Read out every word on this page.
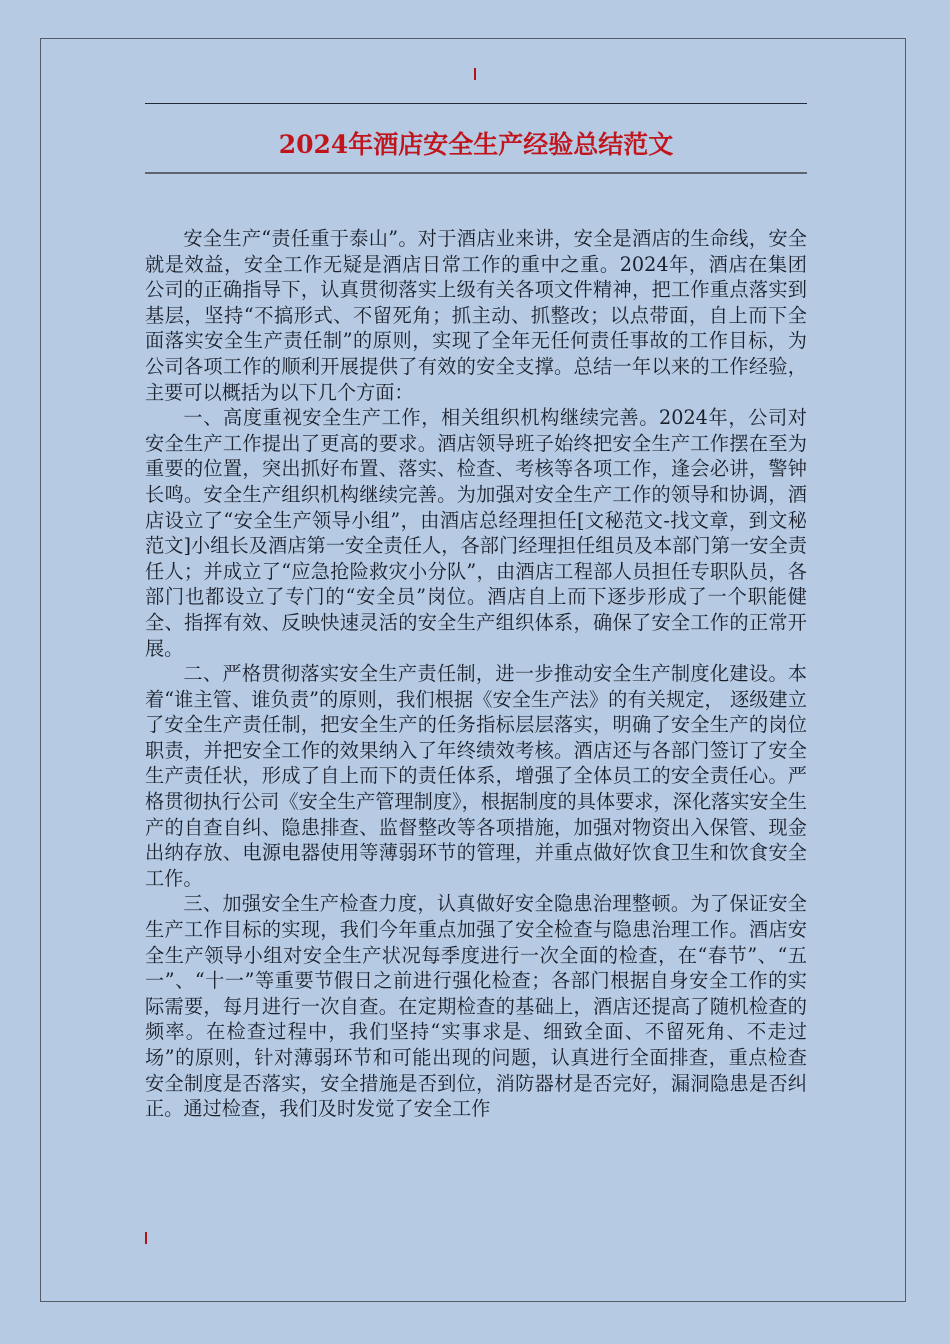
2024年酒店安全生产经验总结范文

安全生产“责任重于泰山”。对于酒店业来讲，安全是酒店的生命线，安全就是效益，安全工作无疑是酒店日常工作的重中之重。2024年，酒店在集团公司的正确指导下，认真贯彻落实上级有关各项文件精神，把工作重点落实到基层，坚持“不搞形式、不留死角；抓主动、抓整改；以点带面，自上而下全面落实安全生产责任制”的原则，实现了全年无任何责任事故的工作目标，为公司各项工作的顺利开展提供了有效的安全支撑。总结一年以来的工作经验，主要可以概括为以下几个方面：

一、高度重视安全生产工作，相关组织机构继续完善。2024年，公司对安全生产工作提出了更高的要求。酒店领导班子始终把安全生产工作摆在至为重要的位置，突出抓好布置、落实、检查、考核等各项工作，逢会必讲，警钟长鸣。安全生产组织机构继续完善。为加强对安全生产工作的领导和协调，酒店设立了“安全生产领导小组”，由酒店总经理担任[文秘范文-找文章，到文秘范文]小组长及酒店第一安全责任人，各部门经理担任组员及本部门第一安全责任人；并成立了“应急抢险救灾小分队”，由酒店工程部人员担任专职队员，各部门也都设立了专门的“安全员”岗位。酒店自上而下逐步形成了一个职能健全、指挥有效、反映快速灵活的安全生产组织体系，确保了安全工作的正常开展。

二、严格贯彻落实安全生产责任制，进一步推动安全生产制度化建设。本着“谁主管、谁负责”的原则，我们根据《安全生产法》的有关规定， 逐级建立了安全生产责任制，把安全生产的任务指标层层落实，明确了安全生产的岗位职责，并把安全工作的效果纳入了年终绩效考核。酒店还与各部门签订了安全生产责任状，形成了自上而下的责任体系，增强了全体员工的安全责任心。严格贯彻执行公司《安全生产管理制度》，根据制度的具体要求，深化落实安全生产的自查自纠、隐患排查、监督整改等各项措施，加强对物资出入保管、现金出纳存放、电源电器使用等薄弱环节的管理，并重点做好饮食卫生和饮食安全工作。

三、加强安全生产检查力度，认真做好安全隐患治理整顿。为了保证安全生产工作目标的实现，我们今年重点加强了安全检查与隐患治理工作。酒店安全生产领导小组对安全生产状况每季度进行一次全面的检查，在“春节”、“五一”、“十一”等重要节假日之前进行强化检查；各部门根据自身安全工作的实际需要，每月进行一次自查。在定期检查的基础上，酒店还提高了随机检查的频率。在检查过程中，我们坚持“实事求是、细致全面、不留死角、不走过场”的原则，针对薄弱环节和可能出现的问题，认真进行全面排查，重点检查安全制度是否落实，安全措施是否到位，消防器材是否完好，漏洞隐患是否纠正。通过检查，我们及时发觉了安全工作
